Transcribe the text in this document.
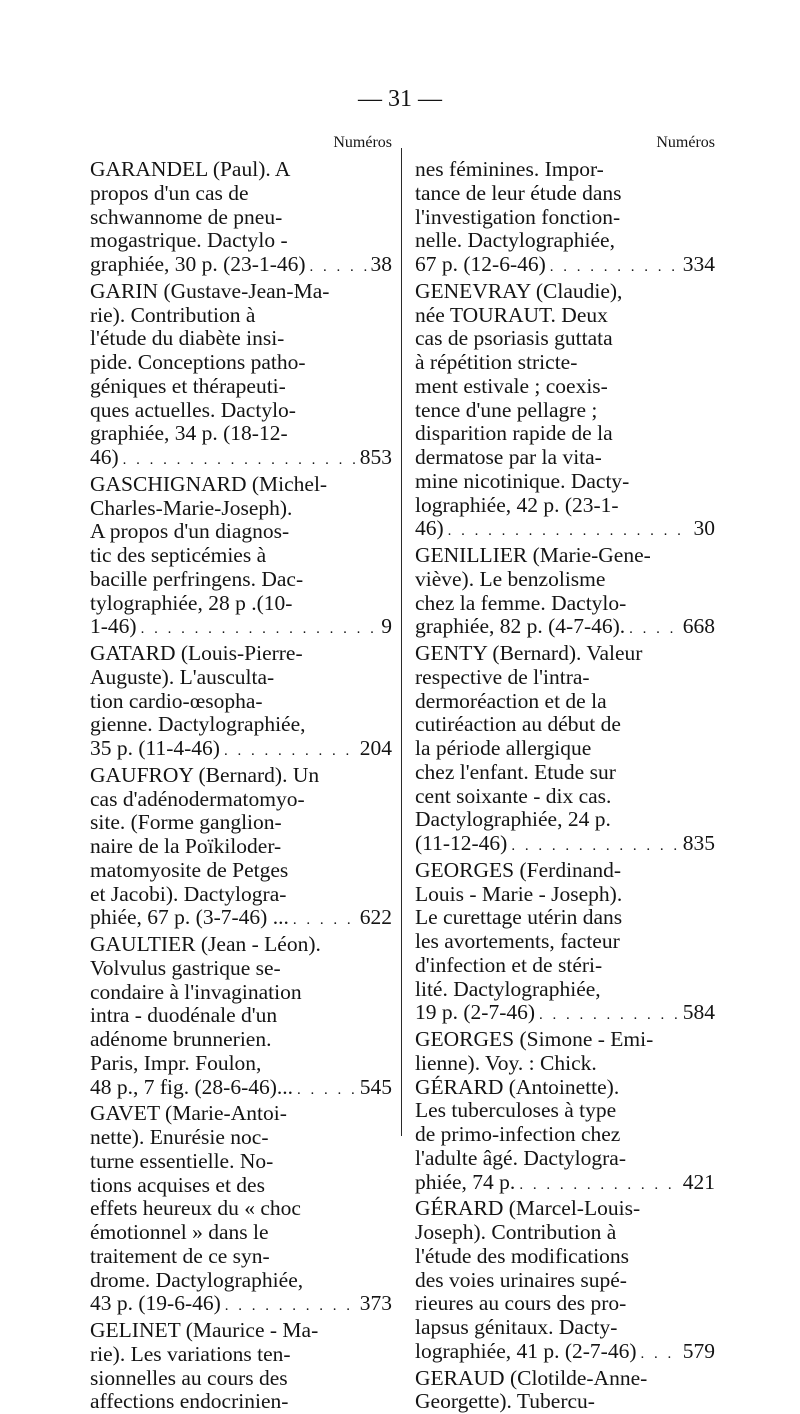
— 31 —
Numéros
GARANDEL (Paul). A
propos d'un cas de
schwannome de pneu-
mogastrique. Dactylo -
graphiée, 30 p. (23-1-46) . . .	38
GARIN (Gustave-Jean-Ma-
rie). Contribution à
l'étude du diabète insi-
pide. Conceptions patho-
géniques et thérapeuti-
ques actuelles. Dactylo-
graphiée, 34 p. (18-12-
46) . . .	853
GASCHIGNARD (Michel-
Charles-Marie-Joseph).
A propos d'un diagnos-
tic des septicémies à
bacille perfringens. Dac-
tylographiée, 28 p .(10-
1-46) . . .	9
GATARD (Louis-Pierre-
Auguste). L'ausculta-
tion cardio-œsopha-
gienne. Dactylographiée,
35 p. (11-4-46) . . .	204
GAUFROY (Bernard). Un
cas d'adénodermatomyo-
site. (Forme ganglion-
naire de la Poïkiloder-
matomyosite de Petges
et Jacobi). Dactylogra-
phiée, 67 p. (3-7-46) ... . . .	622
GAULTIER (Jean - Léon).
Volvulus gastrique se-
condaire à l'invagination
intra - duodénale d'un
adénome brunnerien.
Paris, Impr. Foulon,
48 p., 7 fig. (28-6-46)... . . .	545
GAVET (Marie-Antoi-
nette). Enurésie noc-
turne essentielle. No-
tions acquises et des
effets heureux du « choc
émotionnel » dans le
traitement de ce syn-
drome. Dactylographiée,
43 p. (19-6-46) . . .	373
GELINET (Maurice - Ma-
rie). Les variations ten-
sionnelles au cours des
affections endocrinien-
Numéros
nes féminines. Impor-
tance de leur étude dans
l'investigation fonction-
nelle. Dactylographiée,
67 p. (12-6-46) . . .	334
GENEVRAY (Claudie),
née TOURAUT. Deux
cas de psoriasis guttata
à répétition stricte-
ment estivale ; coexis-
tence d'une pellagre ;
disparition rapide de la
dermatose par la vita-
mine nicotinique. Dacty-
lographiée, 42 p. (23-1-
46) . . .	30
GENILLIER (Marie-Gene-
viève). Le benzolisme
chez la femme. Dactylo-
graphiée, 82 p. (4-7-46). . . .	668
GENTY (Bernard). Valeur
respective de l'intra-
dermoréaction et de la
cutiréaction au début de
la période allergique
chez l'enfant. Etude sur
cent soixante - dix cas.
Dactylographiée, 24 p.
(11-12-46) . . .	835
GEORGES (Ferdinand-
Louis - Marie - Joseph).
Le curettage utérin dans
les avortements, facteur
d'infection et de stéri-
lité. Dactylographiée,
19 p. (2-7-46) . . .	584
GEORGES (Simone - Emi-
lienne). Voy. : Chick.
GÉRARD (Antoinette).
Les tuberculoses à type
de primo-infection chez
l'adulte âgé. Dactylogra-
phiée, 74 p. . . .	421
GÉRARD (Marcel-Louis-
Joseph). Contribution à
l'étude des modifications
des voies urinaires supé-
rieures au cours des pro-
lapsus génitaux. Dacty-
lographiée, 41 p. (2-7-46) . . . 579
GERAUD (Clotilde-Anne-
Georgette). Tubercu-
